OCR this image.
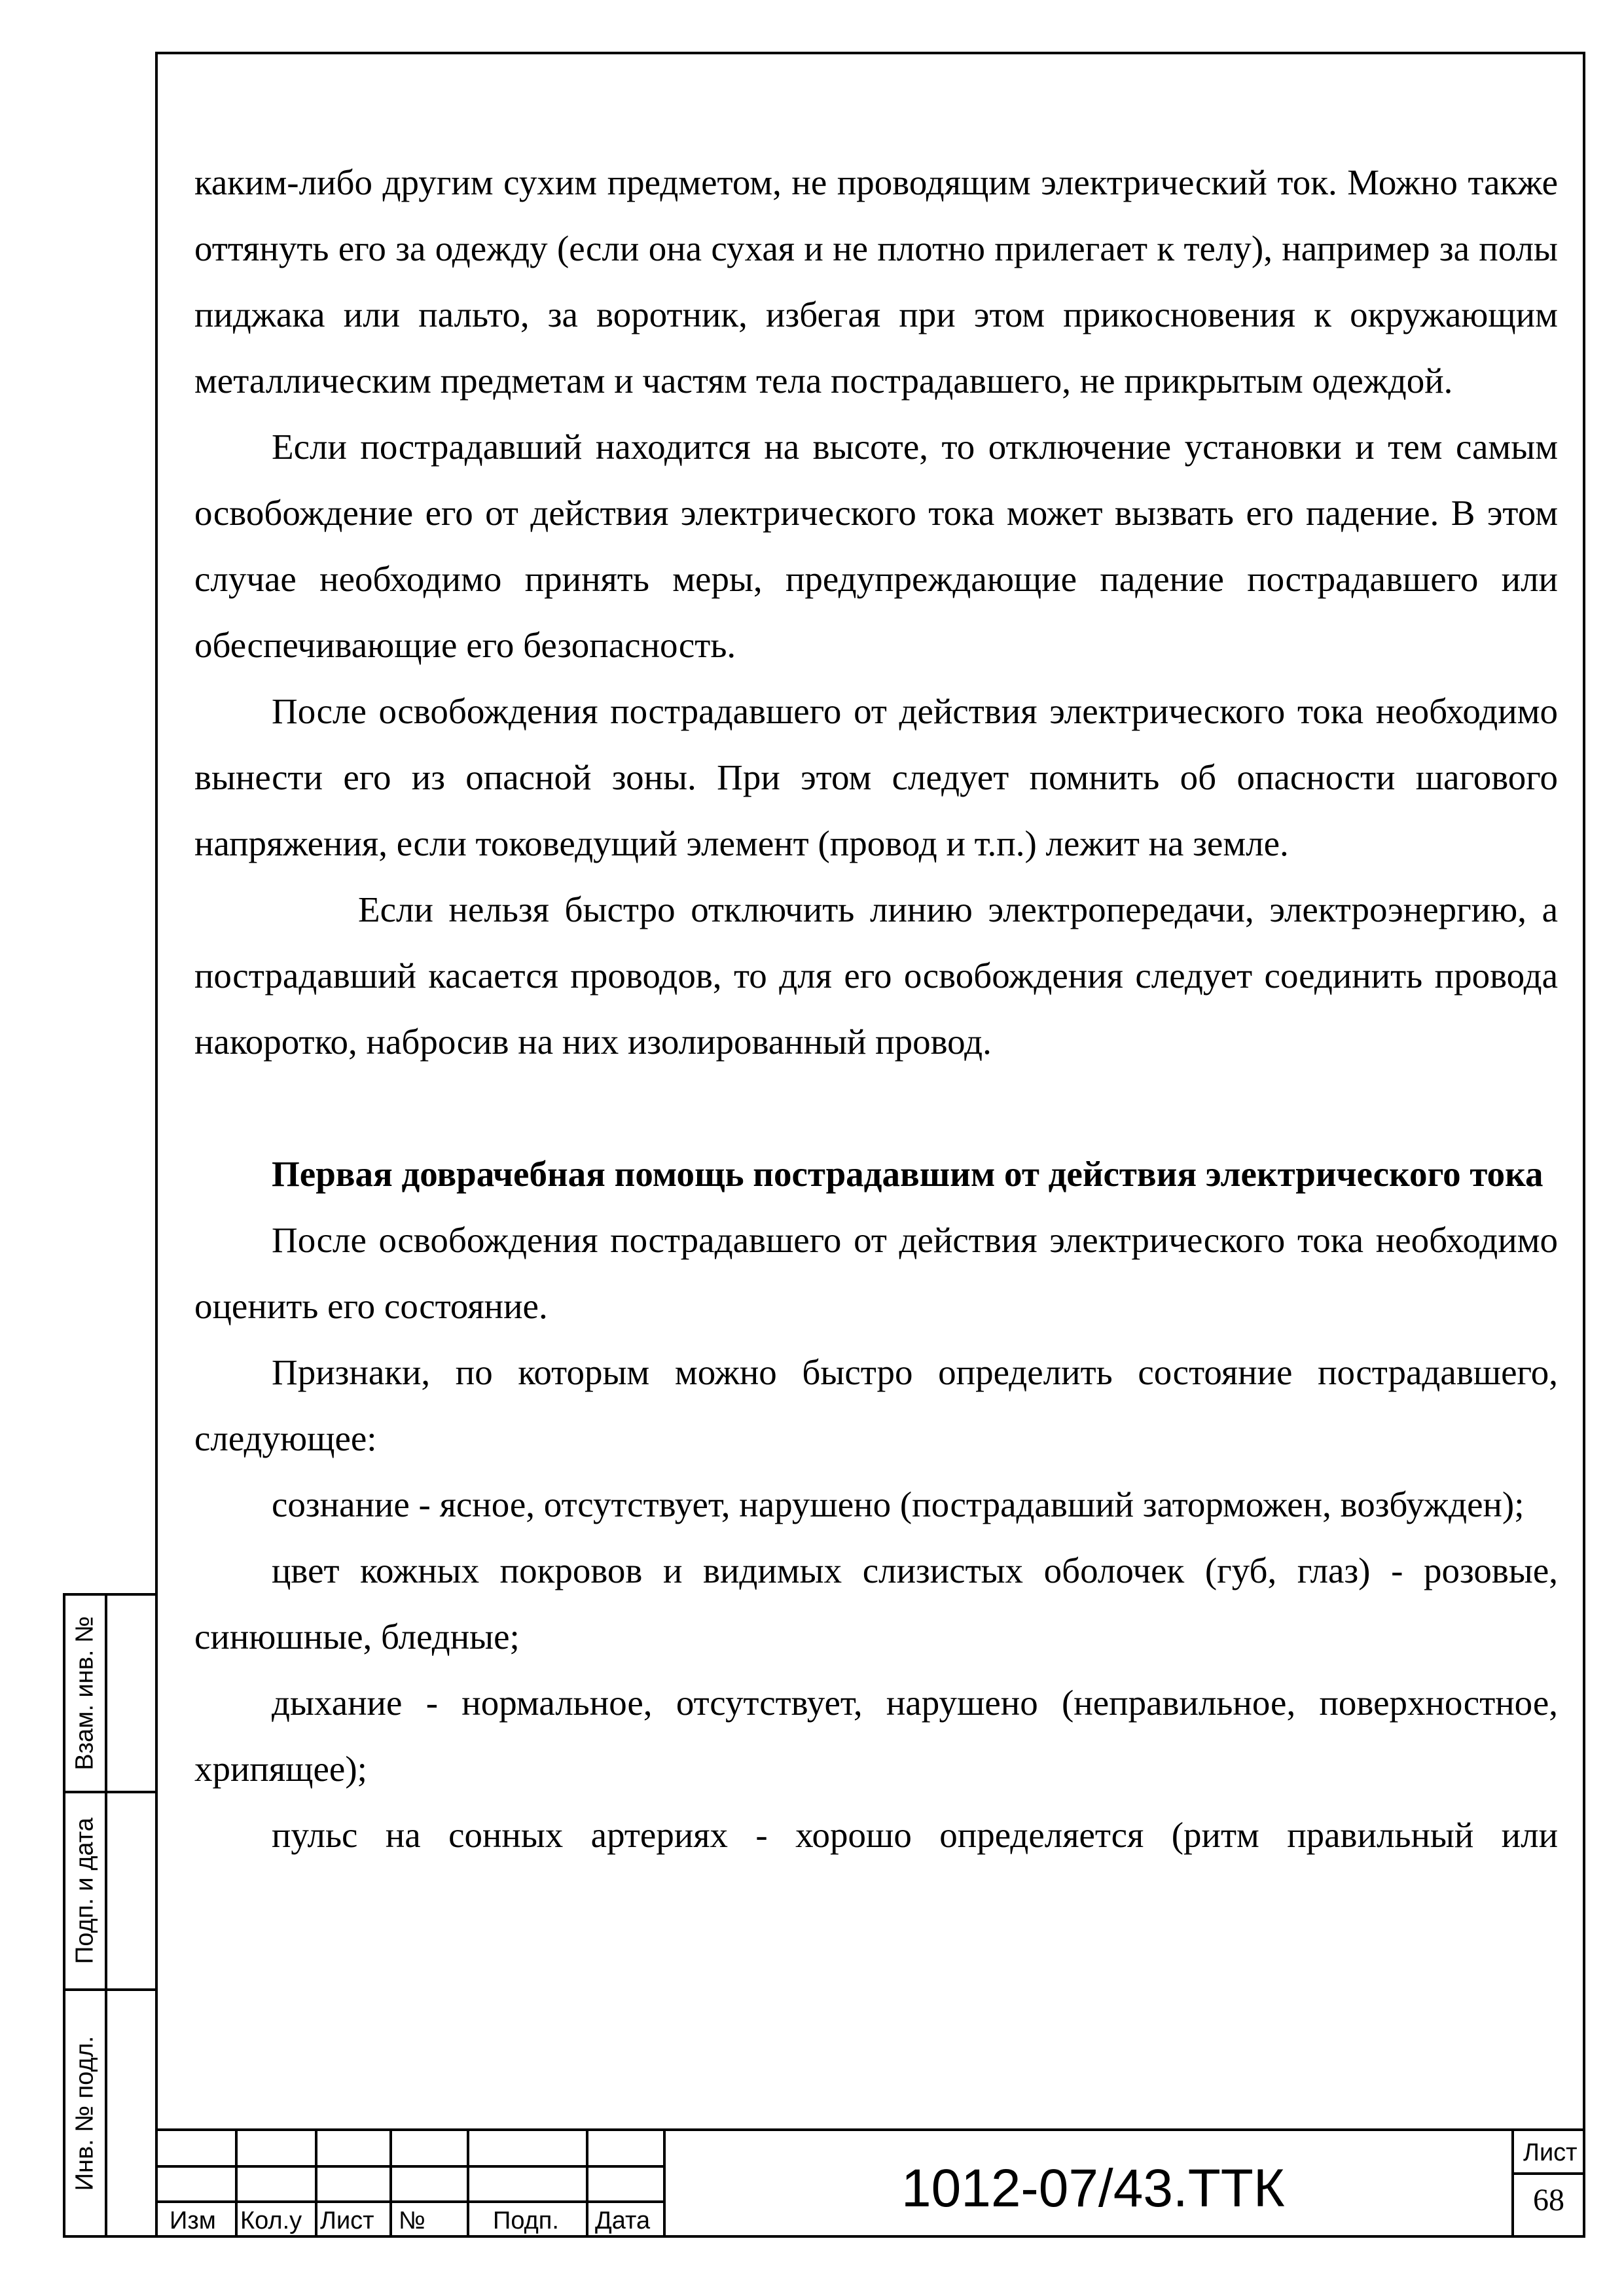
каким-либо другим сухим предметом, не проводящим электрический ток. Можно также оттянуть его за одежду (если она сухая и не плотно прилегает к телу), например за полы пиджака или пальто, за воротник, избегая при этом прикосновения к окружающим металлическим предметам и частям тела пострадавшего, не прикрытым одеждой.

Если пострадавший находится на высоте, то отключение установки и тем самым освобождение его от действия электрического тока может вызвать его падение. В этом случае необходимо принять меры, предупреждающие падение пострадавшего или обеспечивающие его безопасность.

После освобождения пострадавшего от действия электрического тока необходимо вынести его из опасной зоны. При этом следует помнить об опасности шагового напряжения, если токоведущий элемент (провод и т.п.) лежит на земле.

Если нельзя быстро отключить линию электропередачи, электроэнергию, а пострадавший касается проводов, то для его освобождения следует соединить провода накоротко, набросив на них изолированный провод.

Первая доврачебная помощь пострадавшим от действия электрического тока

После освобождения пострадавшего от действия электрического тока необходимо оценить его состояние.

Признаки, по которым можно быстро определить состояние пострадавшего, следующее:

сознание - ясное, отсутствует, нарушено (пострадавший заторможен, возбужден);

цвет кожных покровов и видимых слизистых оболочек (губ, глаз) - розовые, синюшные, бледные;

дыхание - нормальное, отсутствует, нарушено (неправильное, поверхностное, хрипящее);

пульс на сонных артериях - хорошо определяется (ритм правильный или

Взам. инв. №
Подп. и дата
Инв. № подл.
Изм Кол.у Лист №	Подп. Дата
1012-07/43.ТТК
Лист
68
